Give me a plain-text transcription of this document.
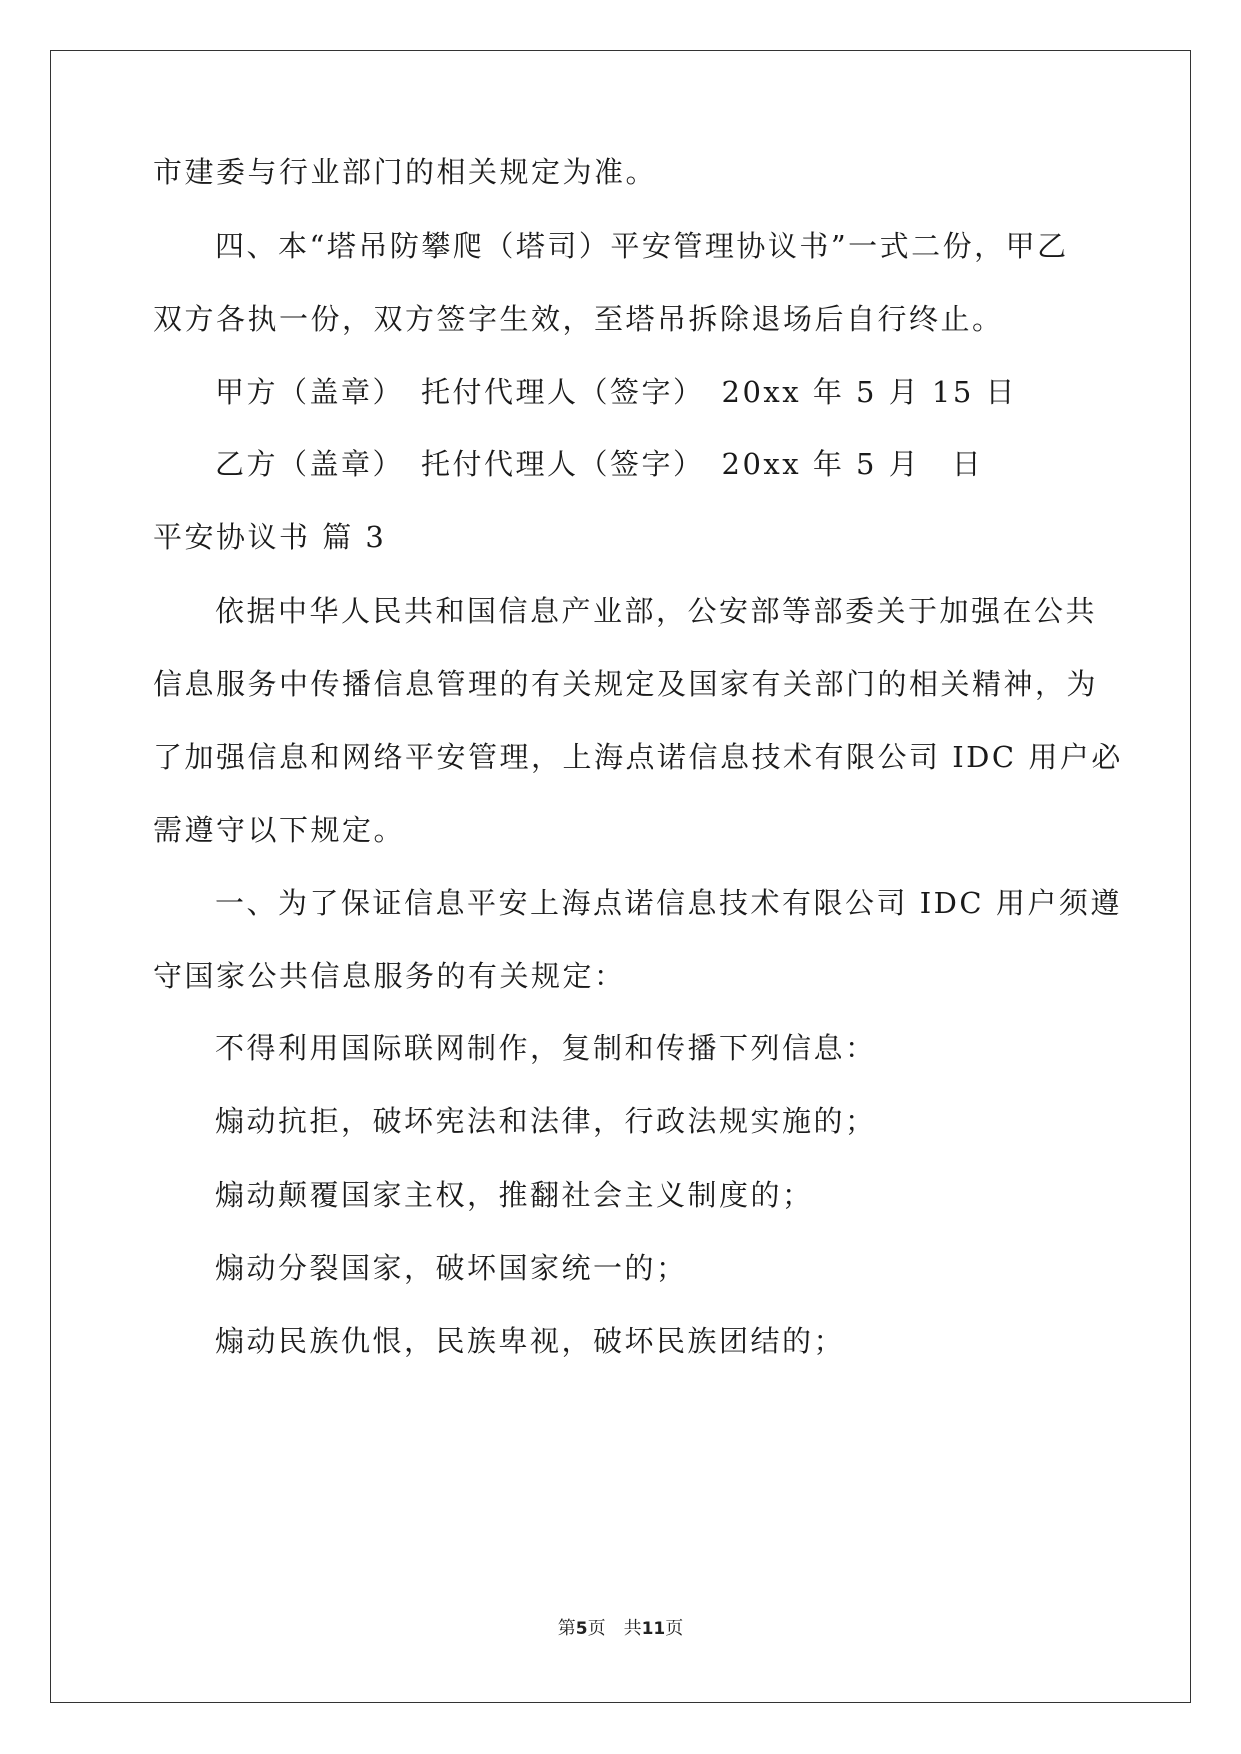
市建委与行业部门的相关规定为准。
四、本“塔吊防攀爬（塔司）平安管理协议书”一式二份，甲乙
双方各执一份，双方签字生效，至塔吊拆除退场后自行终止。
甲方（盖章）　托付代理人（签字）　20xx 年 5 月 15 日
乙方（盖章）　托付代理人（签字）　20xx 年 5 月　日
平安协议书 篇 3
依据中华人民共和国信息产业部，公安部等部委关于加强在公共
信息服务中传播信息管理的有关规定及国家有关部门的相关精神，为
了加强信息和网络平安管理，上海点诺信息技术有限公司 IDC 用户必
需遵守以下规定。
一、为了保证信息平安上海点诺信息技术有限公司 IDC 用户须遵
守国家公共信息服务的有关规定：
不得利用国际联网制作，复制和传播下列信息：
煽动抗拒，破坏宪法和法律，行政法规实施的；
煽动颠覆国家主权，推翻社会主义制度的；
煽动分裂国家，破坏国家统一的；
煽动民族仇恨，民族卑视，破坏民族团结的；
第5页　共11页
